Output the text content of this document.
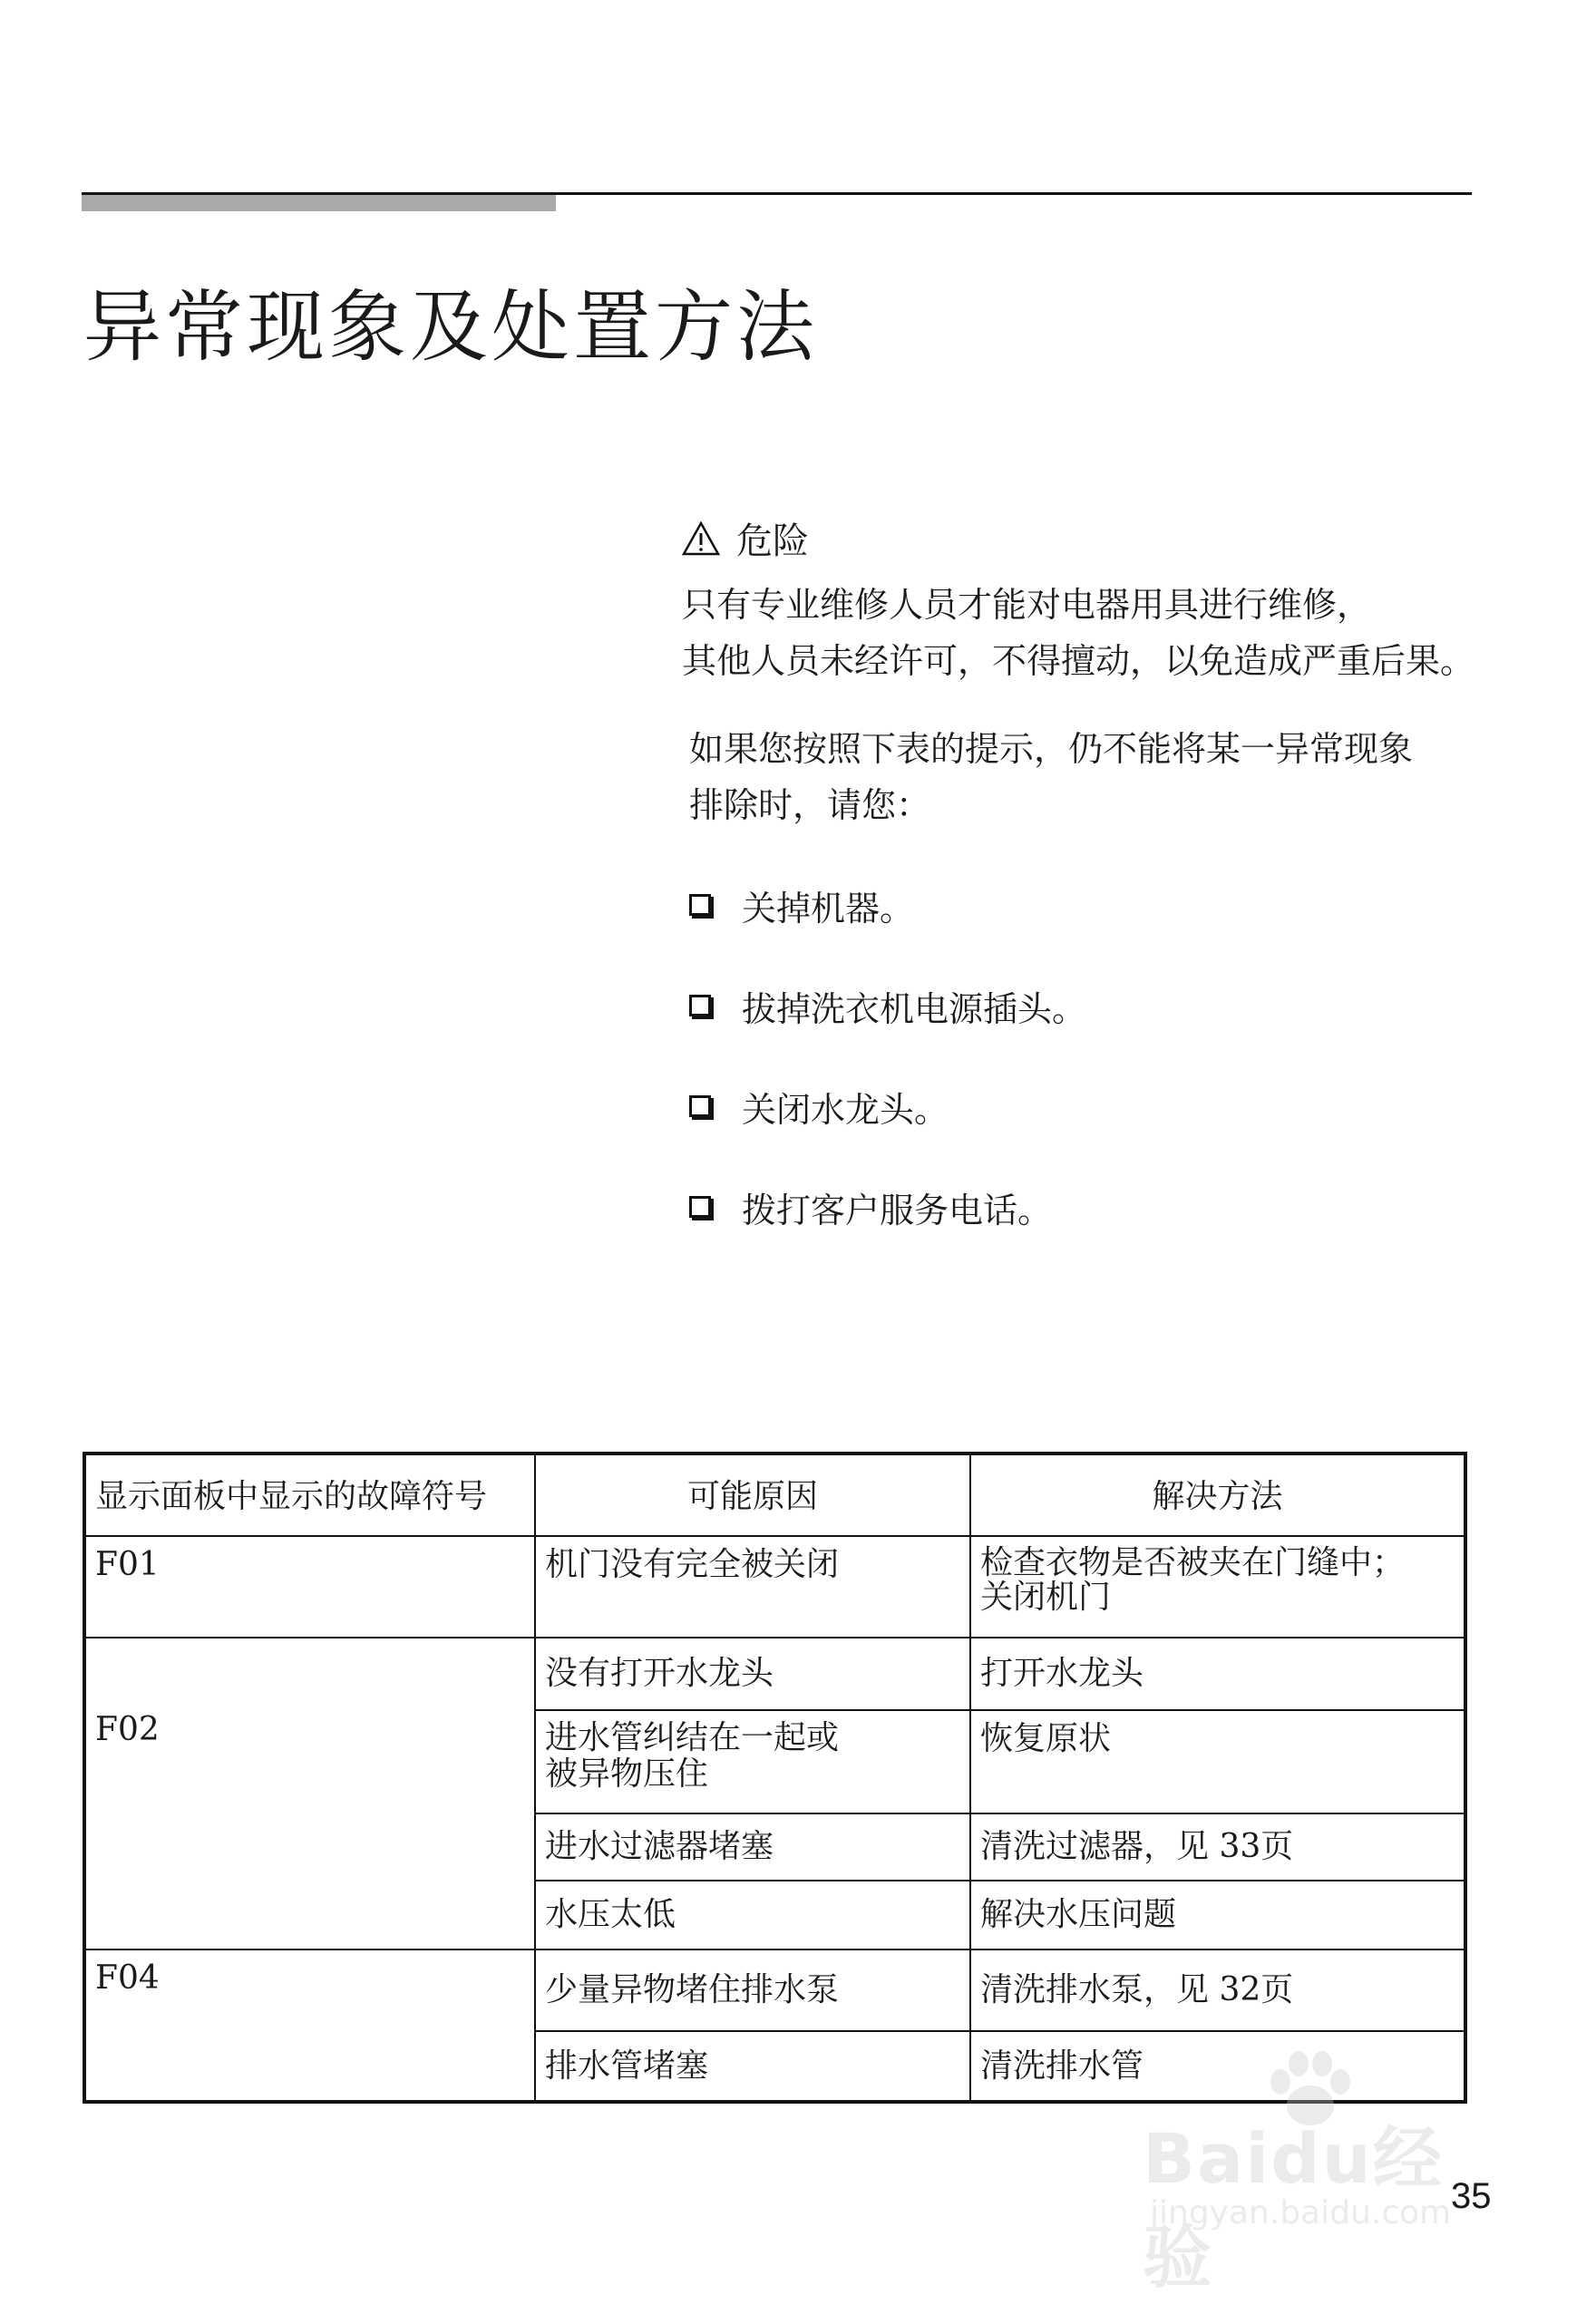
异常现象及处置方法
危险
只有专业维修人员才能对电器用具进行维修，
其他人员未经许可，不得擅动，以免造成严重后果。
如果您按照下表的提示，仍不能将某一异常现象
排除时，请您：
关掉机器。
拔掉洗衣机电源插头。
关闭水龙头。
拨打客户服务电话。
显示面板中显示的故障符号	可能原因	解决方法
F01	机门没有完全被关闭	检查衣物是否被夹在门缝中；
关闭机门

F02	没有打开水龙头	打开水龙头

	进水管纠结在一起或
被异物压住	恢复原状
	进水过滤器堵塞	清洗过滤器，见 33页
	水压太低	解决水压问题
F04	少量异物堵住排水泵	清洗排水泵，见 32页
	排水管堵塞	清洗排水管
Baidu经验
jingyan.baidu.com 35
